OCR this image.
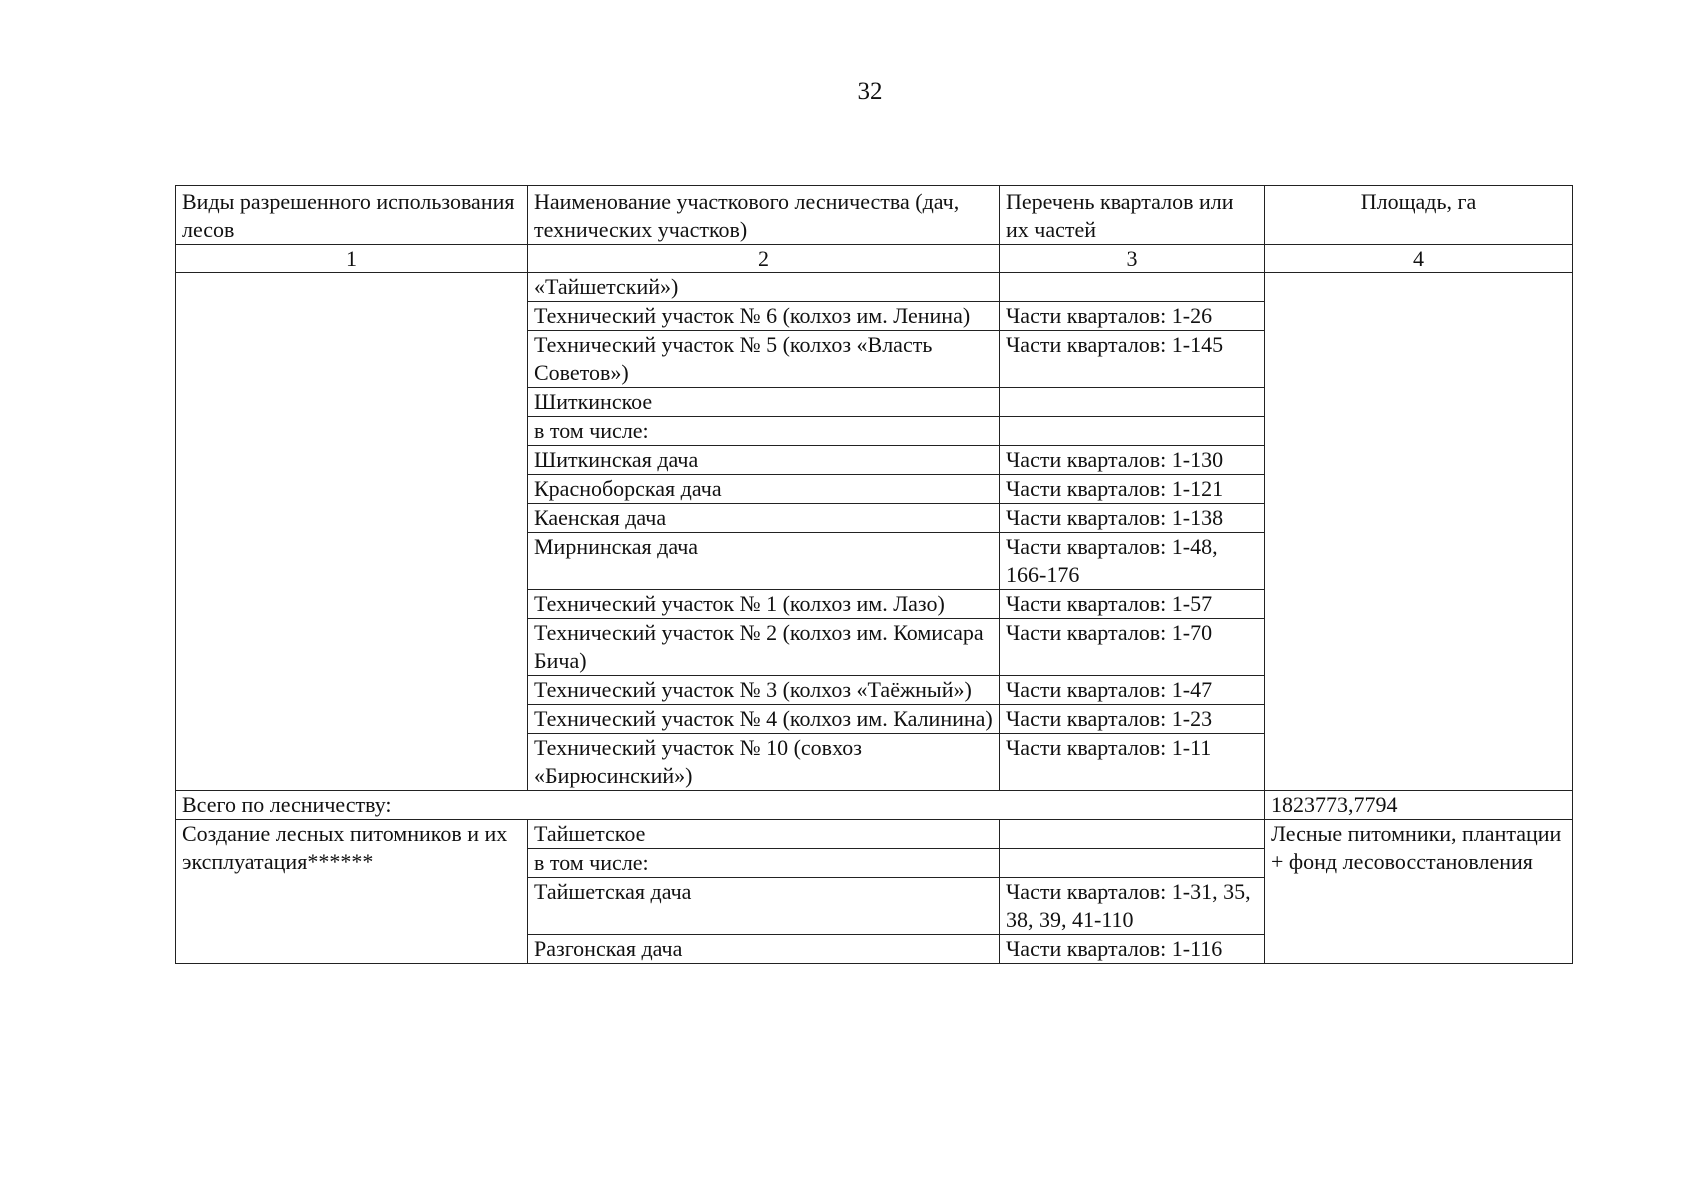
32
Виды разрешенного использования лесов	Наименование участкового лесничества (дач, технических участков)	Перечень кварталов или их частей	Площадь, га
1	2	3	4
	«Тайшетский»)		
	Технический участок № 6 (колхоз им. Ленина)	Части кварталов: 1-26	
	Технический участок № 5 (колхоз «Власть Советов»)	Части кварталов: 1-145	
	Шиткинское		
	в том числе:		
	Шиткинская дача	Части кварталов: 1-130	
	Красноборская дача	Части кварталов: 1-121	
	Каенская дача	Части кварталов: 1-138	
	Мирнинская дача	Части кварталов: 1-48, 166-176	
	Технический участок № 1 (колхоз им. Лазо)	Части кварталов: 1-57	
	Технический участок № 2 (колхоз им. Комисара Бича)	Части кварталов: 1-70	
	Технический участок № 3 (колхоз «Таёжный»)	Части кварталов: 1-47	
	Технический участок № 4 (колхоз им. Калинина)	Части кварталов: 1-23	
	Технический участок № 10 (совхоз «Бирюсинский»)	Части кварталов: 1-11	
Всего по лесничеству:			1823773,7794
Создание лесных питомников и их эксплуатация******	Тайшетское		Лесные питомники, плантации + фонд лесовосстановления
	в том числе:		
	Тайшетская дача	Части кварталов: 1-31, 35, 38, 39, 41-110	
	Разгонская дача	Части кварталов: 1-116	
